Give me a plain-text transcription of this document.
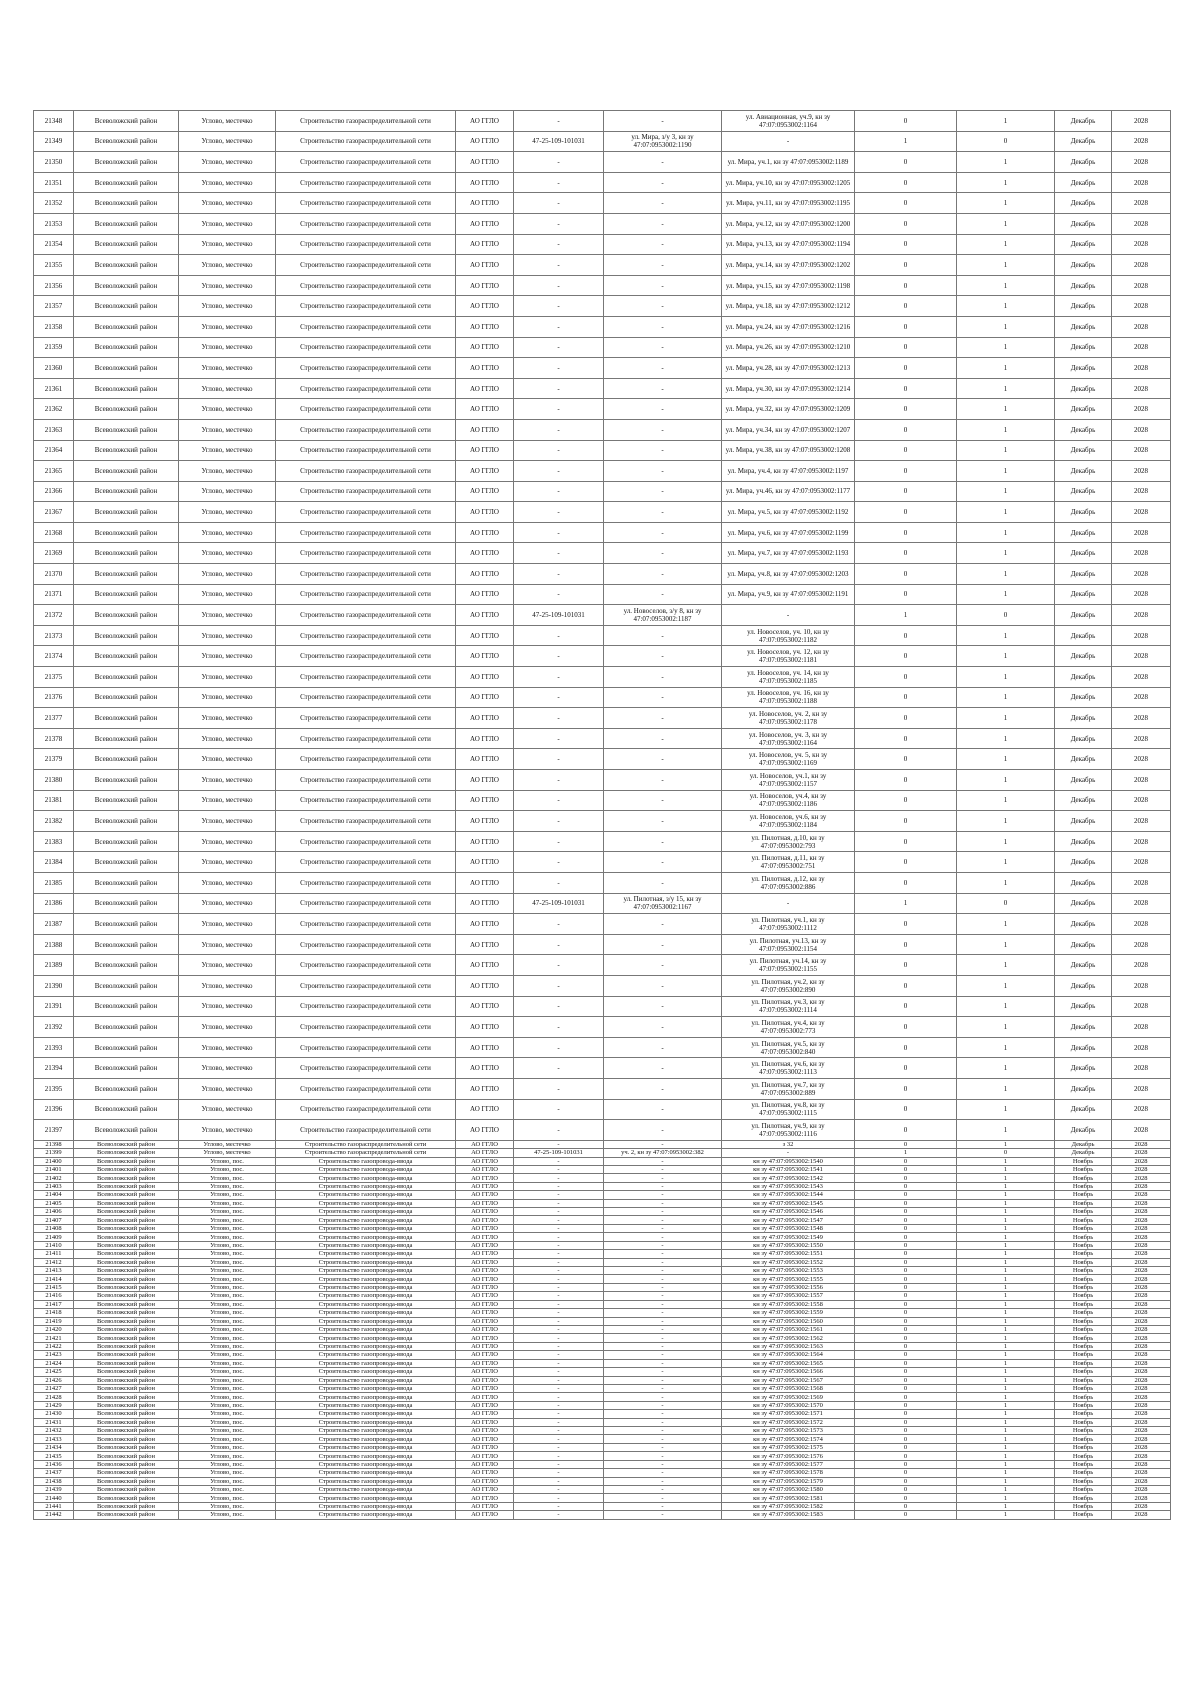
21348	Всеволожский район	Углово, местечко	Строительство газораспределительной сети	АО ГГЛО	-	-	ул. Авиационная, уч.9, кн зу 47:07:0953002:1164	0	1	Декабрь	2028
21349	Всеволожский район	Углово, местечко	Строительство газораспределительной сети	АО ГГЛО	47-25-109-101031	ул. Мира, з/у 3, кн зу 47:07:0953002:1190	-	1	0	Декабрь	2028
21350	Всеволожский район	Углово, местечко	Строительство газораспределительной сети	АО ГГЛО	-	-	ул. Мира, уч.1, кн зу 47:07:0953002:1189	0	1	Декабрь	2028
21351	Всеволожский район	Углово, местечко	Строительство газораспределительной сети	АО ГГЛО	-	-	ул. Мира, уч.10, кн зу 47:07:0953002:1205	0	1	Декабрь	2028
21352	Всеволожский район	Углово, местечко	Строительство газораспределительной сети	АО ГГЛО	-	-	ул. Мира, уч.11, кн зу 47:07:0953002:1195	0	1	Декабрь	2028
21353	Всеволожский район	Углово, местечко	Строительство газораспределительной сети	АО ГГЛО	-	-	ул. Мира, уч.12, кн зу 47:07:0953002:1200	0	1	Декабрь	2028
21354	Всеволожский район	Углово, местечко	Строительство газораспределительной сети	АО ГГЛО	-	-	ул. Мира, уч.13, кн зу 47:07:0953002:1194	0	1	Декабрь	2028
21355	Всеволожский район	Углово, местечко	Строительство газораспределительной сети	АО ГГЛО	-	-	ул. Мира, уч.14, кн зу 47:07:0953002:1202	0	1	Декабрь	2028
21356	Всеволожский район	Углово, местечко	Строительство газораспределительной сети	АО ГГЛО	-	-	ул. Мира, уч.15, кн зу 47:07:0953002:1198	0	1	Декабрь	2028
21357	Всеволожский район	Углово, местечко	Строительство газораспределительной сети	АО ГГЛО	-	-	ул. Мира, уч.18, кн зу 47:07:0953002:1212	0	1	Декабрь	2028
21358	Всеволожский район	Углово, местечко	Строительство газораспределительной сети	АО ГГЛО	-	-	ул. Мира, уч.24, кн зу 47:07:0953002:1216	0	1	Декабрь	2028
21359	Всеволожский район	Углово, местечко	Строительство газораспределительной сети	АО ГГЛО	-	-	ул. Мира, уч.26, кн зу 47:07:0953002:1210	0	1	Декабрь	2028
21360	Всеволожский район	Углово, местечко	Строительство газораспределительной сети	АО ГГЛО	-	-	ул. Мира, уч.28, кн зу 47:07:0953002:1213	0	1	Декабрь	2028
21361	Всеволожский район	Углово, местечко	Строительство газораспределительной сети	АО ГГЛО	-	-	ул. Мира, уч.30, кн зу 47:07:0953002:1214	0	1	Декабрь	2028
21362	Всеволожский район	Углово, местечко	Строительство газораспределительной сети	АО ГГЛО	-	-	ул. Мира, уч.32, кн зу 47:07:0953002:1209	0	1	Декабрь	2028
21363	Всеволожский район	Углово, местечко	Строительство газораспределительной сети	АО ГГЛО	-	-	ул. Мира, уч.34, кн зу 47:07:0953002:1207	0	1	Декабрь	2028
21364	Всеволожский район	Углово, местечко	Строительство газораспределительной сети	АО ГГЛО	-	-	ул. Мира, уч.38, кн зу 47:07:0953002:1208	0	1	Декабрь	2028
21365	Всеволожский район	Углово, местечко	Строительство газораспределительной сети	АО ГГЛО	-	-	ул. Мира, уч.4, кн зу 47:07:0953002:1197	0	1	Декабрь	2028
21366	Всеволожский район	Углово, местечко	Строительство газораспределительной сети	АО ГГЛО	-	-	ул. Мира, уч.46, кн зу 47:07:0953002:1177	0	1	Декабрь	2028
21367	Всеволожский район	Углово, местечко	Строительство газораспределительной сети	АО ГГЛО	-	-	ул. Мира, уч.5, кн зу 47:07:0953002:1192	0	1	Декабрь	2028
21368	Всеволожский район	Углово, местечко	Строительство газораспределительной сети	АО ГГЛО	-	-	ул. Мира, уч.6, кн зу 47:07:0953002:1199	0	1	Декабрь	2028
21369	Всеволожский район	Углово, местечко	Строительство газораспределительной сети	АО ГГЛО	-	-	ул. Мира, уч.7, кн зу 47:07:0953002:1193	0	1	Декабрь	2028
21370	Всеволожский район	Углово, местечко	Строительство газораспределительной сети	АО ГГЛО	-	-	ул. Мира, уч.8, кн зу 47:07:0953002:1203	0	1	Декабрь	2028
21371	Всеволожский район	Углово, местечко	Строительство газораспределительной сети	АО ГГЛО	-	-	ул. Мира, уч.9, кн зу 47:07:0953002:1191	0	1	Декабрь	2028
21372	Всеволожский район	Углово, местечко	Строительство газораспределительной сети	АО ГГЛО	47-25-109-101031	ул. Новоселов, з/у 8, кн зу 47:07:0953002:1187	-	1	0	Декабрь	2028
21373	Всеволожский район	Углово, местечко	Строительство газораспределительной сети	АО ГГЛО	-	-	ул. Новоселов, уч. 10, кн зу 47:07:0953002:1182	0	1	Декабрь	2028
21374	Всеволожский район	Углово, местечко	Строительство газораспределительной сети	АО ГГЛО	-	-	ул. Новоселов, уч. 12, кн зу 47:07:0953002:1181	0	1	Декабрь	2028
21375	Всеволожский район	Углово, местечко	Строительство газораспределительной сети	АО ГГЛО	-	-	ул. Новоселов, уч. 14, кн зу 47:07:0953002:1185	0	1	Декабрь	2028
21376	Всеволожский район	Углово, местечко	Строительство газораспределительной сети	АО ГГЛО	-	-	ул. Новоселов, уч. 16, кн зу 47:07:0953002:1188	0	1	Декабрь	2028
21377	Всеволожский район	Углово, местечко	Строительство газораспределительной сети	АО ГГЛО	-	-	ул. Новоселов, уч. 2, кн зу 47:07:0953002:1178	0	1	Декабрь	2028
21378	Всеволожский район	Углово, местечко	Строительство газораспределительной сети	АО ГГЛО	-	-	ул. Новоселов, уч. 3, кн зу 47:07:0953002:1164	0	1	Декабрь	2028
21379	Всеволожский район	Углово, местечко	Строительство газораспределительной сети	АО ГГЛО	-	-	ул. Новоселов, уч. 5, кн зу 47:07:0953002:1169	0	1	Декабрь	2028
21380	Всеволожский район	Углово, местечко	Строительство газораспределительной сети	АО ГГЛО	-	-	ул. Новоселов, уч.1, кн зу 47:07:0953002:1157	0	1	Декабрь	2028
21381	Всеволожский район	Углово, местечко	Строительство газораспределительной сети	АО ГГЛО	-	-	ул. Новоселов, уч.4, кн зу 47:07:0953002:1186	0	1	Декабрь	2028
21382	Всеволожский район	Углово, местечко	Строительство газораспределительной сети	АО ГГЛО	-	-	ул. Новоселов, уч.6, кн зу 47:07:0953002:1184	0	1	Декабрь	2028
21383	Всеволожский район	Углово, местечко	Строительство газораспределительной сети	АО ГГЛО	-	-	ул. Пилотная, д.10, кн зу 47:07:0953002:793	0	1	Декабрь	2028
21384	Всеволожский район	Углово, местечко	Строительство газораспределительной сети	АО ГГЛО	-	-	ул. Пилотная, д.11, кн зу 47:07:0953002:751	0	1	Декабрь	2028
21385	Всеволожский район	Углово, местечко	Строительство газораспределительной сети	АО ГГЛО	-	-	ул. Пилотная, д.12, кн зу 47:07:0953002:886	0	1	Декабрь	2028
21386	Всеволожский район	Углово, местечко	Строительство газораспределительной сети	АО ГГЛО	47-25-109-101031	ул. Пилотная, з/у 15, кн зу 47:07:0953002:1167	-	1	0	Декабрь	2028
21387	Всеволожский район	Углово, местечко	Строительство газораспределительной сети	АО ГГЛО	-	-	ул. Пилотная, уч.1, кн зу 47:07:0953002:1112	0	1	Декабрь	2028
21388	Всеволожский район	Углово, местечко	Строительство газораспределительной сети	АО ГГЛО	-	-	ул. Пилотная, уч.13, кн зу 47:07:0953002:1154	0	1	Декабрь	2028
21389	Всеволожский район	Углово, местечко	Строительство газораспределительной сети	АО ГГЛО	-	-	ул. Пилотная, уч.14, кн зу 47:07:0953002:1155	0	1	Декабрь	2028
21390	Всеволожский район	Углово, местечко	Строительство газораспределительной сети	АО ГГЛО	-	-	ул. Пилотная, уч.2, кн зу 47:07:0953002:890	0	1	Декабрь	2028
21391	Всеволожский район	Углово, местечко	Строительство газораспределительной сети	АО ГГЛО	-	-	ул. Пилотная, уч.3, кн зу 47:07:0953002:1114	0	1	Декабрь	2028
21392	Всеволожский район	Углово, местечко	Строительство газораспределительной сети	АО ГГЛО	-	-	ул. Пилотная, уч.4, кн зу 47:07:0953002:773	0	1	Декабрь	2028
21393	Всеволожский район	Углово, местечко	Строительство газораспределительной сети	АО ГГЛО	-	-	ул. Пилотная, уч.5, кн зу 47:07:0953002:840	0	1	Декабрь	2028
21394	Всеволожский район	Углово, местечко	Строительство газораспределительной сети	АО ГГЛО	-	-	ул. Пилотная, уч.6, кн зу 47:07:0953002:1113	0	1	Декабрь	2028
21395	Всеволожский район	Углово, местечко	Строительство газораспределительной сети	АО ГГЛО	-	-	ул. Пилотная, уч.7, кн зу 47:07:0953002:889	0	1	Декабрь	2028
21396	Всеволожский район	Углово, местечко	Строительство газораспределительной сети	АО ГГЛО	-	-	ул. Пилотная, уч.8, кн зу 47:07:0953002:1115	0	1	Декабрь	2028
21397	Всеволожский район	Углово, местечко	Строительство газораспределительной сети	АО ГГЛО	-	-	ул. Пилотная, уч.9, кн зу 47:07:0953002:1116	0	1	Декабрь	2028
21398	Всеволожский район	Углово, местечко	Строительство газораспределительной сети	АО ГГЛО	-	-	з 32	0	1	Декабрь	2028
21399	Всеволожский район	Углово, местечко	Строительство газораспределительной сети	АО ГГЛО	47-25-109-101031	уч. 2, кн зу 47:07:0953002:382	-	1	0	Декабрь	2028
21400	Всеволожский район	Углово, пос.	Строительство газопровода-ввода	АО ГГЛО	-	-	кн зу 47:07:0953002:1540	0	1	Ноябрь	2028
21401	Всеволожский район	Углово, пос.	Строительство газопровода-ввода	АО ГГЛО	-	-	кн зу 47:07:0953002:1541	0	1	Ноябрь	2028
21402	Всеволожский район	Углово, пос.	Строительство газопровода-ввода	АО ГГЛО	-	-	кн зу 47:07:0953002:1542	0	1	Ноябрь	2028
21403	Всеволожский район	Углово, пос.	Строительство газопровода-ввода	АО ГГЛО	-	-	кн зу 47:07:0953002:1543	0	1	Ноябрь	2028
21404	Всеволожский район	Углово, пос.	Строительство газопровода-ввода	АО ГГЛО	-	-	кн зу 47:07:0953002:1544	0	1	Ноябрь	2028
21405	Всеволожский район	Углово, пос.	Строительство газопровода-ввода	АО ГГЛО	-	-	кн зу 47:07:0953002:1545	0	1	Ноябрь	2028
21406	Всеволожский район	Углово, пос.	Строительство газопровода-ввода	АО ГГЛО	-	-	кн зу 47:07:0953002:1546	0	1	Ноябрь	2028
21407	Всеволожский район	Углово, пос.	Строительство газопровода-ввода	АО ГГЛО	-	-	кн зу 47:07:0953002:1547	0	1	Ноябрь	2028
21408	Всеволожский район	Углово, пос.	Строительство газопровода-ввода	АО ГГЛО	-	-	кн зу 47:07:0953002:1548	0	1	Ноябрь	2028
21409	Всеволожский район	Углово, пос.	Строительство газопровода-ввода	АО ГГЛО	-	-	кн зу 47:07:0953002:1549	0	1	Ноябрь	2028
21410	Всеволожский район	Углово, пос.	Строительство газопровода-ввода	АО ГГЛО	-	-	кн зу 47:07:0953002:1550	0	1	Ноябрь	2028
21411	Всеволожский район	Углово, пос.	Строительство газопровода-ввода	АО ГГЛО	-	-	кн зу 47:07:0953002:1551	0	1	Ноябрь	2028
21412	Всеволожский район	Углово, пос.	Строительство газопровода-ввода	АО ГГЛО	-	-	кн зу 47:07:0953002:1552	0	1	Ноябрь	2028
21413	Всеволожский район	Углово, пос.	Строительство газопровода-ввода	АО ГГЛО	-	-	кн зу 47:07:0953002:1553	0	1	Ноябрь	2028
21414	Всеволожский район	Углово, пос.	Строительство газопровода-ввода	АО ГГЛО	-	-	кн зу 47:07:0953002:1555	0	1	Ноябрь	2028
21415	Всеволожский район	Углово, пос.	Строительство газопровода-ввода	АО ГГЛО	-	-	кн зу 47:07:0953002:1556	0	1	Ноябрь	2028
21416	Всеволожский район	Углово, пос.	Строительство газопровода-ввода	АО ГГЛО	-	-	кн зу 47:07:0953002:1557	0	1	Ноябрь	2028
21417	Всеволожский район	Углово, пос.	Строительство газопровода-ввода	АО ГГЛО	-	-	кн зу 47:07:0953002:1558	0	1	Ноябрь	2028
21418	Всеволожский район	Углово, пос.	Строительство газопровода-ввода	АО ГГЛО	-	-	кн зу 47:07:0953002:1559	0	1	Ноябрь	2028
21419	Всеволожский район	Углово, пос.	Строительство газопровода-ввода	АО ГГЛО	-	-	кн зу 47:07:0953002:1560	0	1	Ноябрь	2028
21420	Всеволожский район	Углово, пос.	Строительство газопровода-ввода	АО ГГЛО	-	-	кн зу 47:07:0953002:1561	0	1	Ноябрь	2028
21421	Всеволожский район	Углово, пос.	Строительство газопровода-ввода	АО ГГЛО	-	-	кн зу 47:07:0953002:1562	0	1	Ноябрь	2028
21422	Всеволожский район	Углово, пос.	Строительство газопровода-ввода	АО ГГЛО	-	-	кн зу 47:07:0953002:1563	0	1	Ноябрь	2028
21423	Всеволожский район	Углово, пос.	Строительство газопровода-ввода	АО ГГЛО	-	-	кн зу 47:07:0953002:1564	0	1	Ноябрь	2028
21424	Всеволожский район	Углово, пос.	Строительство газопровода-ввода	АО ГГЛО	-	-	кн зу 47:07:0953002:1565	0	1	Ноябрь	2028
21425	Всеволожский район	Углово, пос.	Строительство газопровода-ввода	АО ГГЛО	-	-	кн зу 47:07:0953002:1566	0	1	Ноябрь	2028
21426	Всеволожский район	Углово, пос.	Строительство газопровода-ввода	АО ГГЛО	-	-	кн зу 47:07:0953002:1567	0	1	Ноябрь	2028
21427	Всеволожский район	Углово, пос.	Строительство газопровода-ввода	АО ГГЛО	-	-	кн зу 47:07:0953002:1568	0	1	Ноябрь	2028
21428	Всеволожский район	Углово, пос.	Строительство газопровода-ввода	АО ГГЛО	-	-	кн зу 47:07:0953002:1569	0	1	Ноябрь	2028
21429	Всеволожский район	Углово, пос.	Строительство газопровода-ввода	АО ГГЛО	-	-	кн зу 47:07:0953002:1570	0	1	Ноябрь	2028
21430	Всеволожский район	Углово, пос.	Строительство газопровода-ввода	АО ГГЛО	-	-	кн зу 47:07:0953002:1571	0	1	Ноябрь	2028
21431	Всеволожский район	Углово, пос.	Строительство газопровода-ввода	АО ГГЛО	-	-	кн зу 47:07:0953002:1572	0	1	Ноябрь	2028
21432	Всеволожский район	Углово, пос.	Строительство газопровода-ввода	АО ГГЛО	-	-	кн зу 47:07:0953002:1573	0	1	Ноябрь	2028
21433	Всеволожский район	Углово, пос.	Строительство газопровода-ввода	АО ГГЛО	-	-	кн зу 47:07:0953002:1574	0	1	Ноябрь	2028
21434	Всеволожский район	Углово, пос.	Строительство газопровода-ввода	АО ГГЛО	-	-	кн зу 47:07:0953002:1575	0	1	Ноябрь	2028
21435	Всеволожский район	Углово, пос.	Строительство газопровода-ввода	АО ГГЛО	-	-	кн зу 47:07:0953002:1576	0	1	Ноябрь	2028
21436	Всеволожский район	Углово, пос.	Строительство газопровода-ввода	АО ГГЛО	-	-	кн зу 47:07:0953002:1577	0	1	Ноябрь	2028
21437	Всеволожский район	Углово, пос.	Строительство газопровода-ввода	АО ГГЛО	-	-	кн зу 47:07:0953002:1578	0	1	Ноябрь	2028
21438	Всеволожский район	Углово, пос.	Строительство газопровода-ввода	АО ГГЛО	-	-	кн зу 47:07:0953002:1579	0	1	Ноябрь	2028
21439	Всеволожский район	Углово, пос.	Строительство газопровода-ввода	АО ГГЛО	-	-	кн зу 47:07:0953002:1580	0	1	Ноябрь	2028
21440	Всеволожский район	Углово, пос.	Строительство газопровода-ввода	АО ГГЛО	-	-	кн зу 47:07:0953002:1581	0	1	Ноябрь	2028
21441	Всеволожский район	Углово, пос.	Строительство газопровода-ввода	АО ГГЛО	-	-	кн зу 47:07:0953002:1582	0	1	Ноябрь	2028
21442	Всеволожский район	Углово, пос.	Строительство газопровода-ввода	АО ГГЛО	-	-	кн зу 47:07:0953002:1583	0	1	Ноябрь	2028
